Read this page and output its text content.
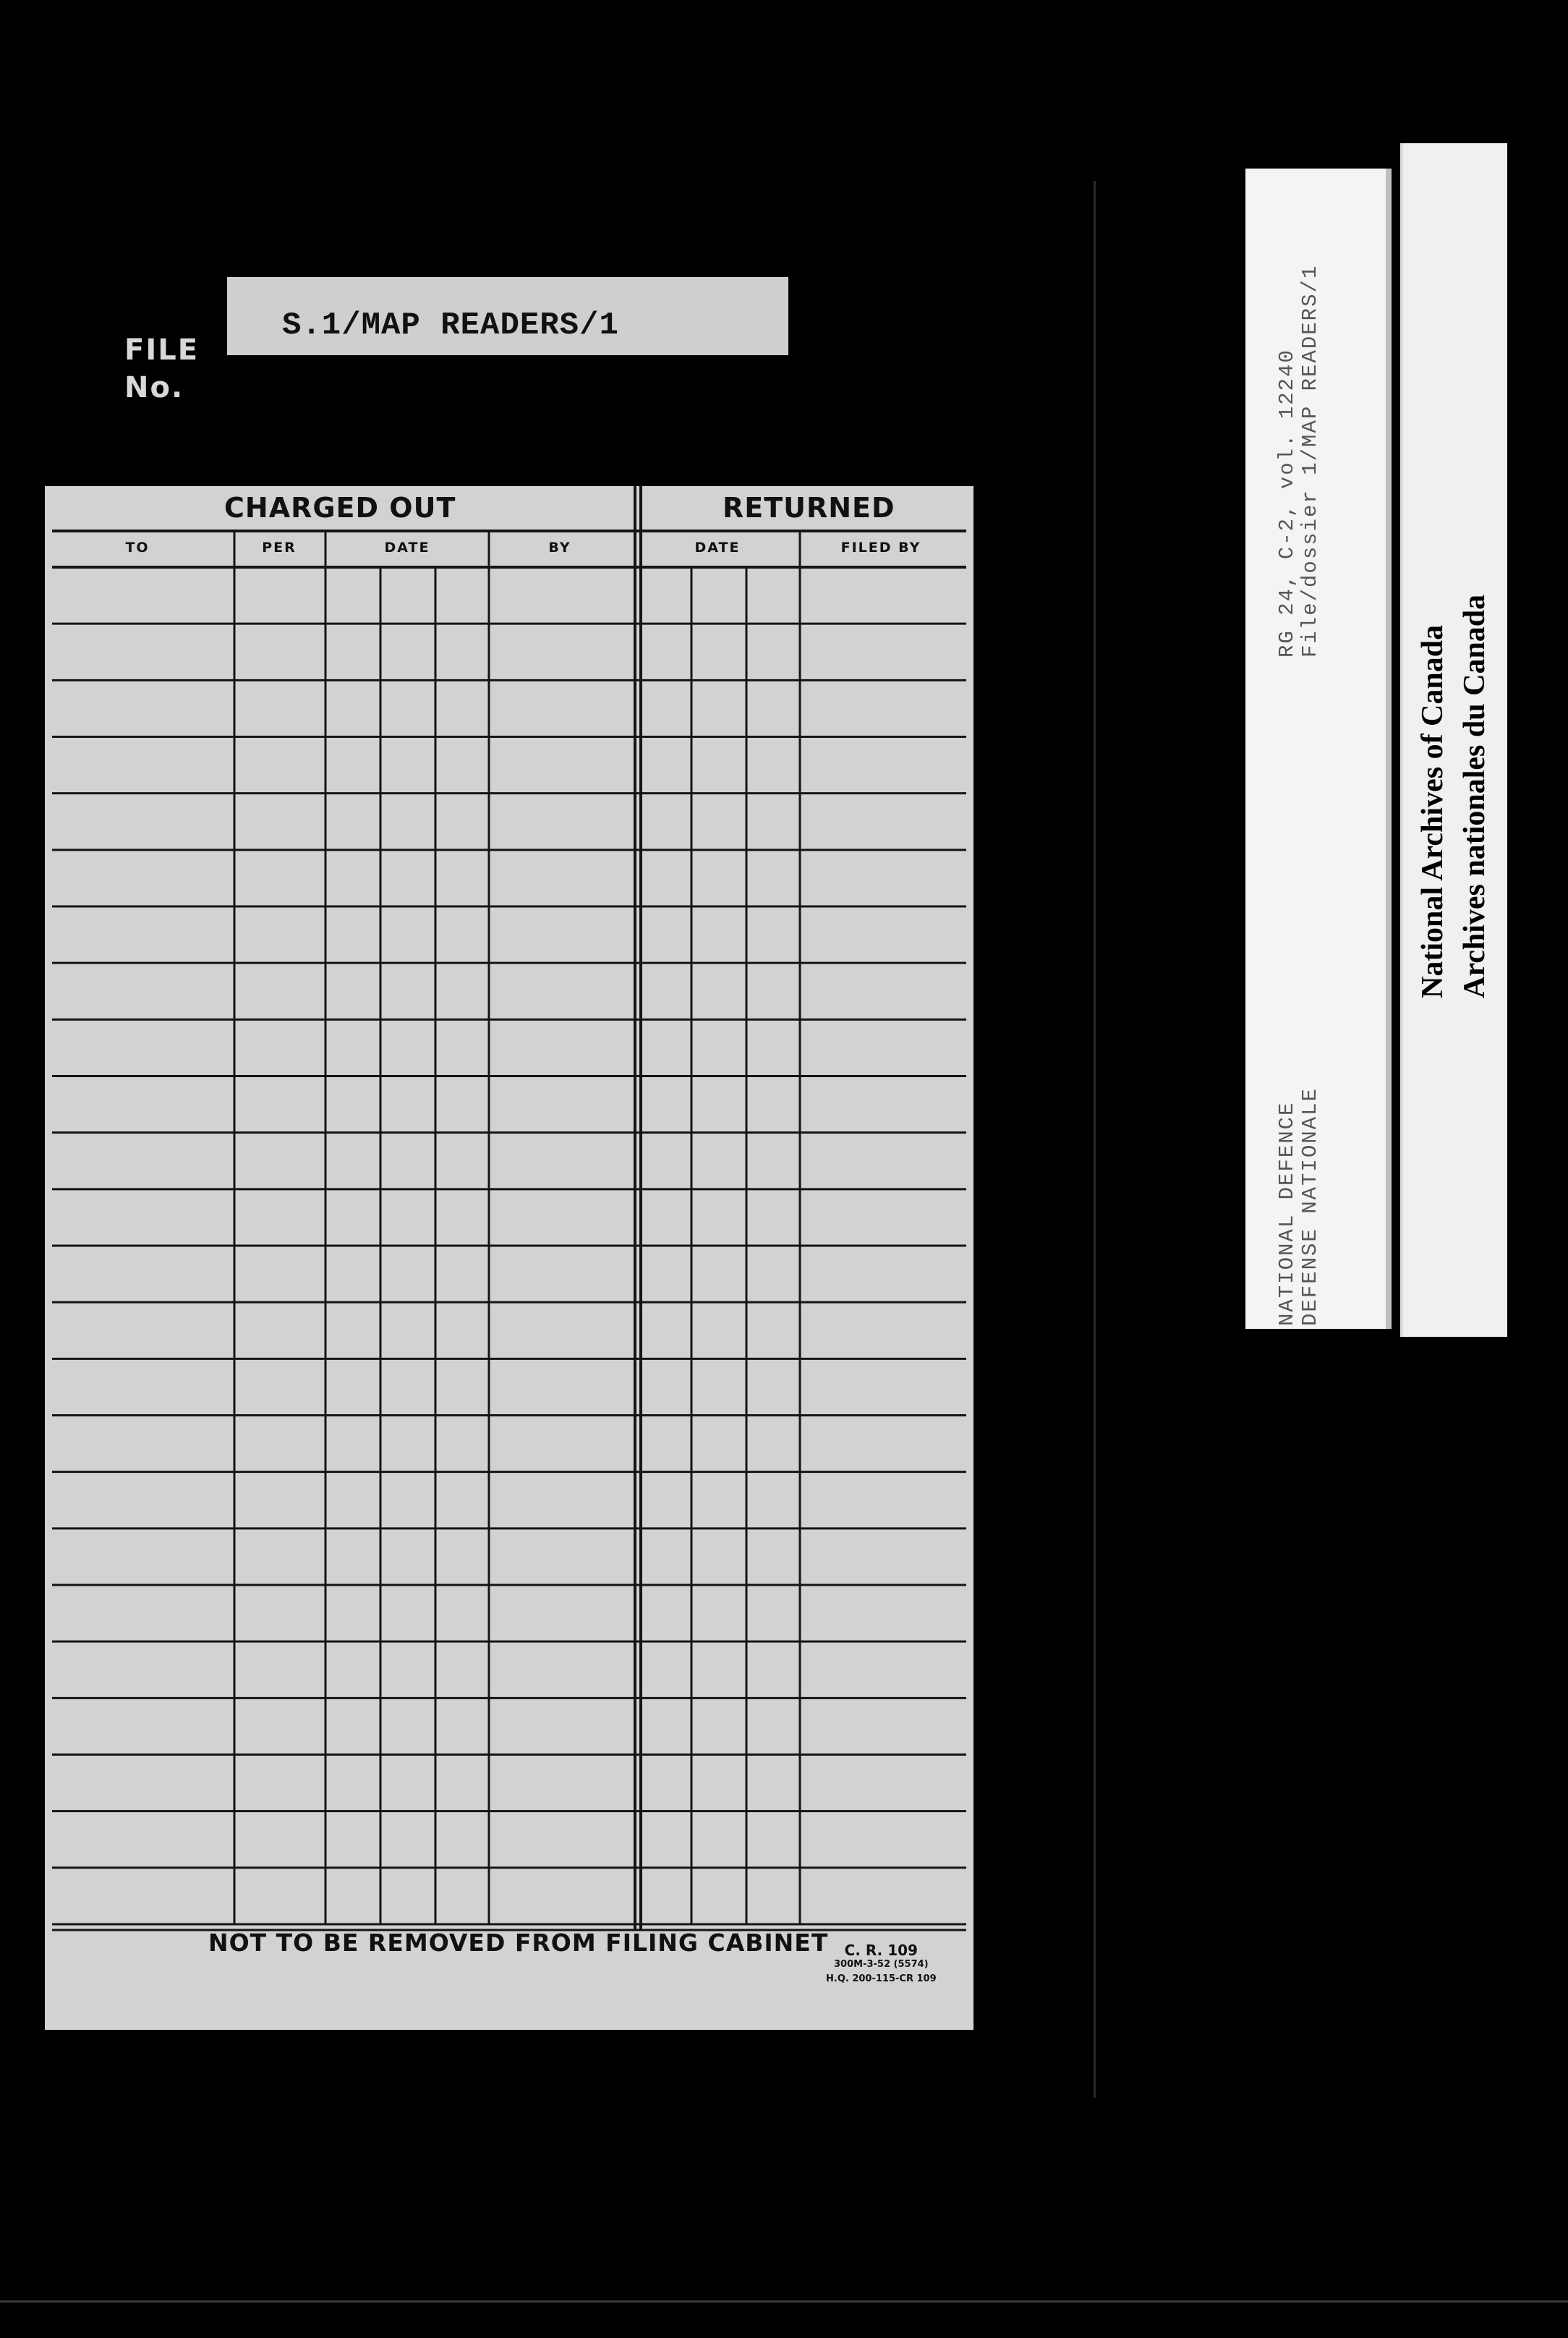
FILE
No.
S.1/MAP READERS/1
CHARGED OUT	RETURNED
TO	PER	DATE	BY	DATE	FILED BY
NOT TO BE REMOVED FROM FILING CABINET	C. R. 109
300M-3-52 (5574)
H.Q. 200-115-CR 109
RG 24, C-2, vol. 12240 File/dossier 1/MAP READERS/1
NATIONAL DEFENCE DEFENSE NATIONALE
National Archives of Canada Archives nationales du Canada
